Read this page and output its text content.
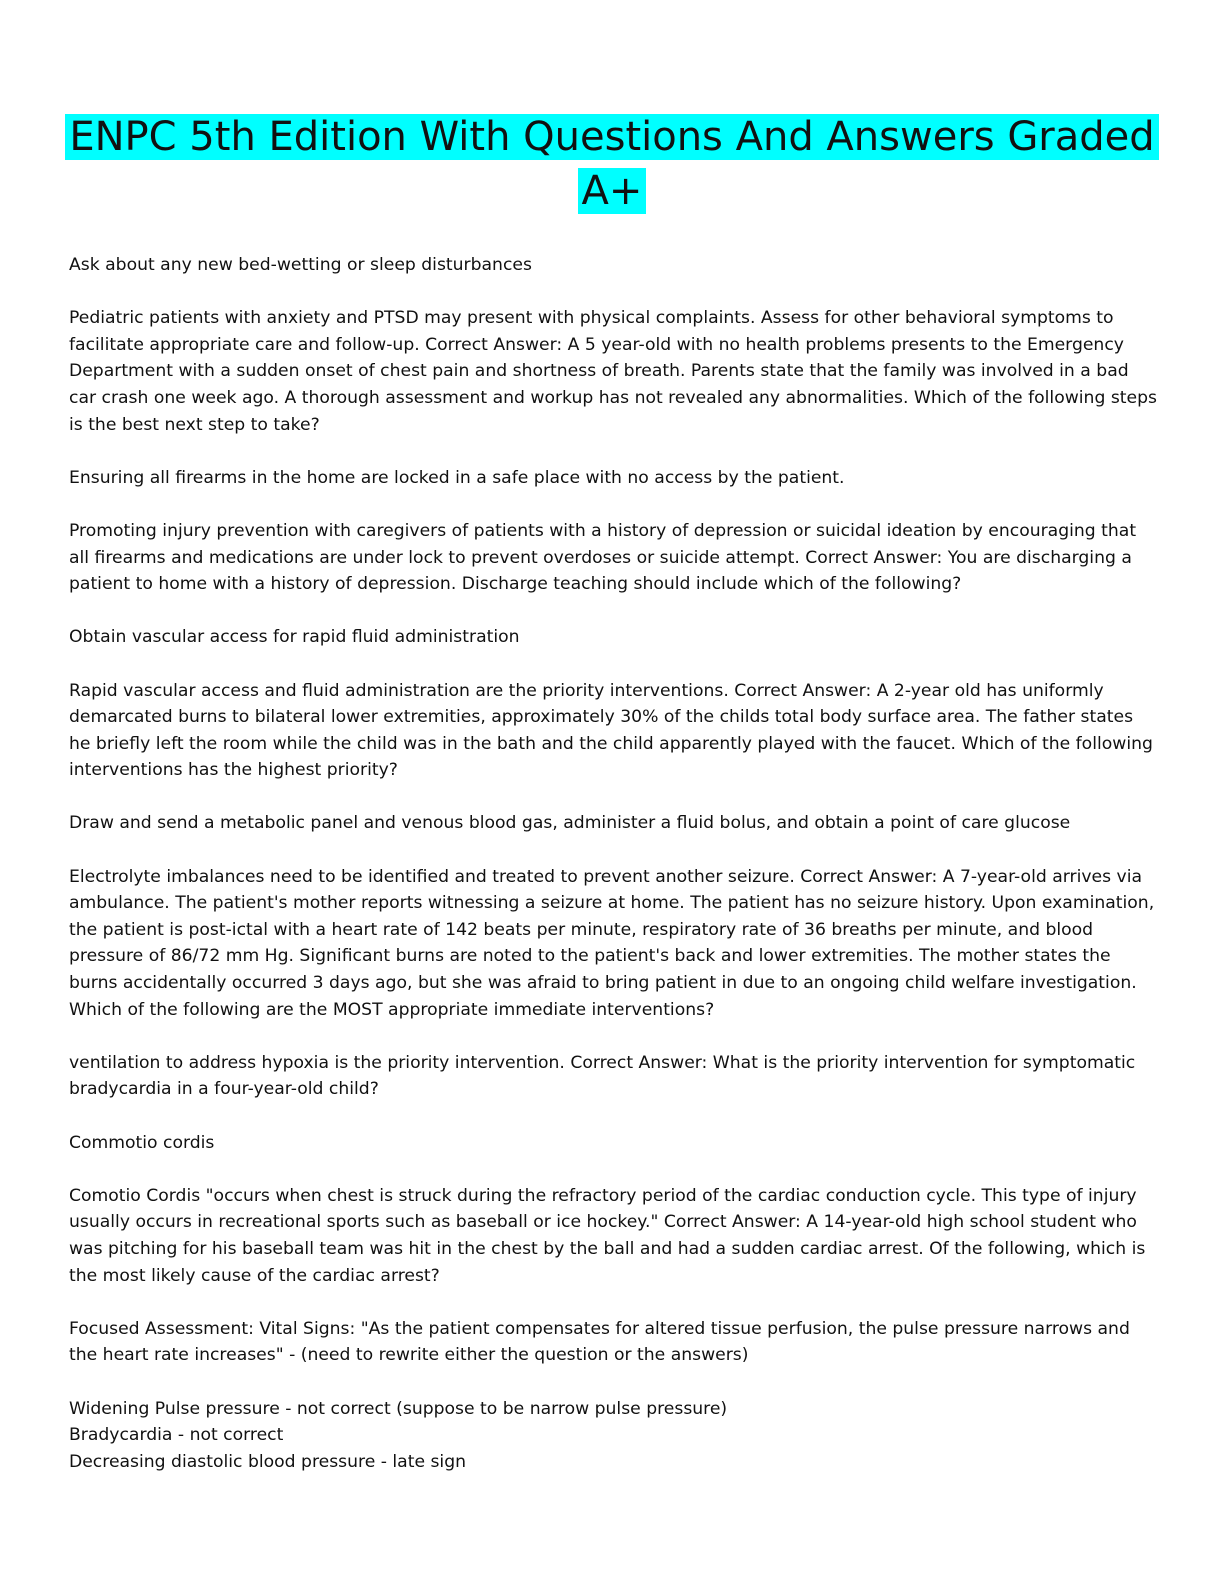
ENPC 5th Edition With Questions And Answers Graded
A+

Ask about any new bed-wetting or sleep disturbances

Pediatric patients with anxiety and PTSD may present with physical complaints. Assess for other behavioral symptoms to facilitate appropriate care and follow-up. Correct Answer: A 5 year-old with no health problems presents to the Emergency Department with a sudden onset of chest pain and shortness of breath. Parents state that the family was involved in a bad car crash one week ago. A thorough assessment and workup has not revealed any abnormalities. Which of the following steps is the best next step to take?

Ensuring all firearms in the home are locked in a safe place with no access by the patient.

Promoting injury prevention with caregivers of patients with a history of depression or suicidal ideation by encouraging that all firearms and medications are under lock to prevent overdoses or suicide attempt. Correct Answer: You are discharging a patient to home with a history of depression. Discharge teaching should include which of the following?

Obtain vascular access for rapid fluid administration

Rapid vascular access and fluid administration are the priority interventions. Correct Answer: A 2-year old has uniformly demarcated burns to bilateral lower extremities, approximately 30% of the childs total body surface area. The father states he briefly left the room while the child was in the bath and the child apparently played with the faucet. Which of the following interventions has the highest priority?

Draw and send a metabolic panel and venous blood gas, administer a fluid bolus, and obtain a point of care glucose

Electrolyte imbalances need to be identified and treated to prevent another seizure. Correct Answer: A 7-year-old arrives via ambulance. The patient's mother reports witnessing a seizure at home. The patient has no seizure history. Upon examination, the patient is post-ictal with a heart rate of 142 beats per minute, respiratory rate of 36 breaths per minute, and blood pressure of 86/72 mm Hg. Significant burns are noted to the patient's back and lower extremities. The mother states the burns accidentally occurred 3 days ago, but she was afraid to bring patient in due to an ongoing child welfare investigation. Which of the following are the MOST appropriate immediate interventions?

ventilation to address hypoxia is the priority intervention. Correct Answer: What is the priority intervention for symptomatic bradycardia in a four-year-old child?

Commotio cordis

Comotio Cordis "occurs when chest is struck during the refractory period of the cardiac conduction cycle. This type of injury usually occurs in recreational sports such as baseball or ice hockey." Correct Answer: A 14-year-old high school student who was pitching for his baseball team was hit in the chest by the ball and had a sudden cardiac arrest. Of the following, which is the most likely cause of the cardiac arrest?

Focused Assessment: Vital Signs: "As the patient compensates for altered tissue perfusion, the pulse pressure narrows and the heart rate increases" - (need to rewrite either the question or the answers)

Widening Pulse pressure - not correct (suppose to be narrow pulse pressure)

Bradycardia - not correct

Decreasing diastolic blood pressure - late sign
